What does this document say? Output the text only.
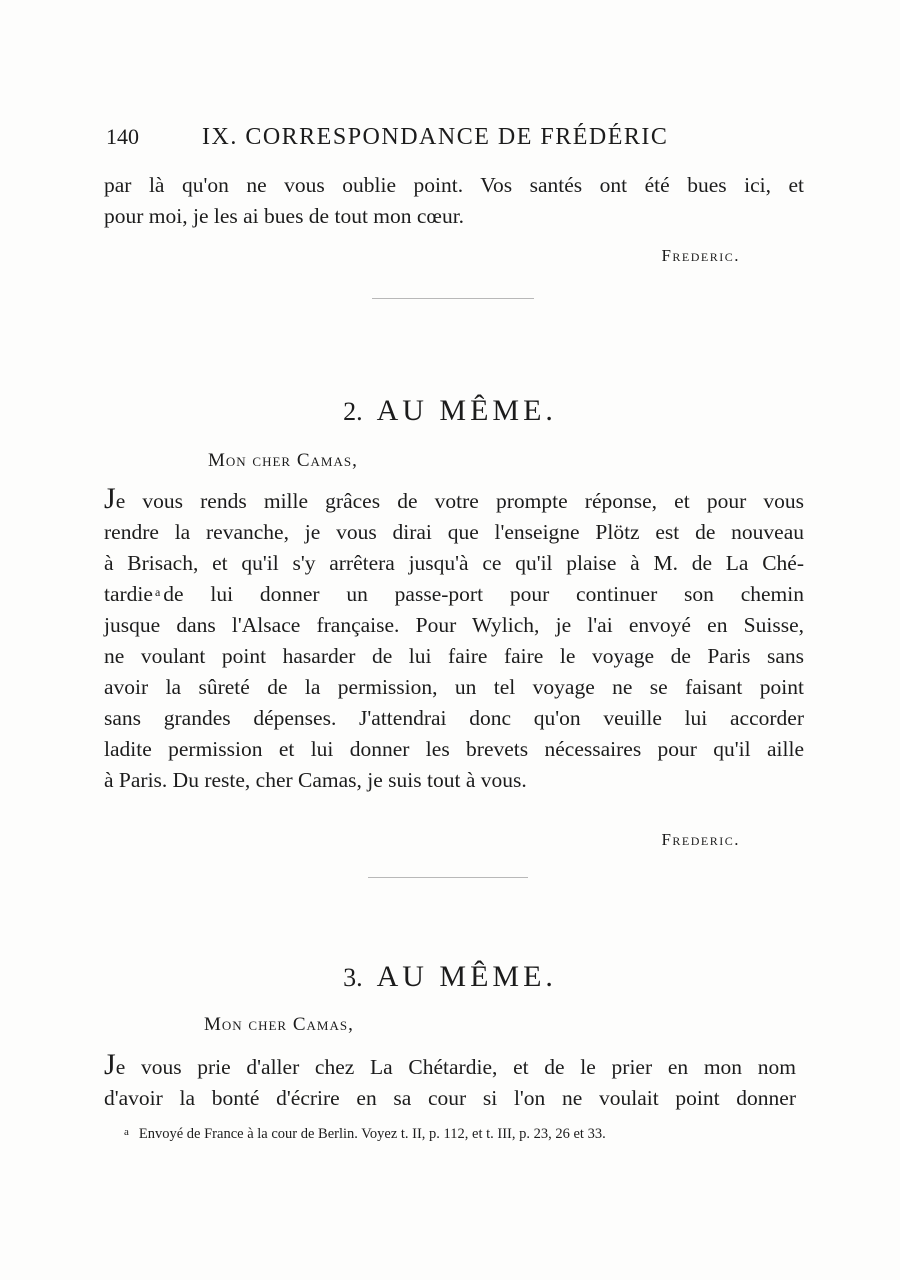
140	IX. CORRESPONDANCE DE FRÉDÉRIC
par là qu'on ne vous oublie point. Vos santés ont été bues ici, et
pour moi, je les ai bues de tout mon cœur.
Frederic.
2. AU MÊME.
Mon cher Camas,
Je vous rends mille grâces de votre prompte réponse, et pour vous
rendre la revanche, je vous dirai que l'enseigne Plötz est de nouveau
à Brisach, et qu'il s'y arrêtera jusqu'à ce qu'il plaise à M. de La Ché-
tardie $^a$ de lui donner un passe-port pour continuer son chemin
jusque dans l'Alsace française. Pour Wylich, je l'ai envoyé en Suisse,
ne voulant point hasarder de lui faire faire le voyage de Paris sans
avoir la sûreté de la permission, un tel voyage ne se faisant point
sans grandes dépenses. J'attendrai donc qu'on veuille lui accorder
ladite permission et lui donner les brevets nécessaires pour qu'il aille
à Paris. Du reste, cher Camas, je suis tout à vous.
Frederic.
3. AU MÊME.
Mon cher Camas,
Je vous prie d'aller chez La Chétardie, et de le prier en mon nom
d'avoir la bonté d'écrire en sa cour si l'on ne voulait point donner
$^a$ Envoyé de France à la cour de Berlin. Voyez t. II, p. 112, et t. III, p. 23, 26 et 33.
